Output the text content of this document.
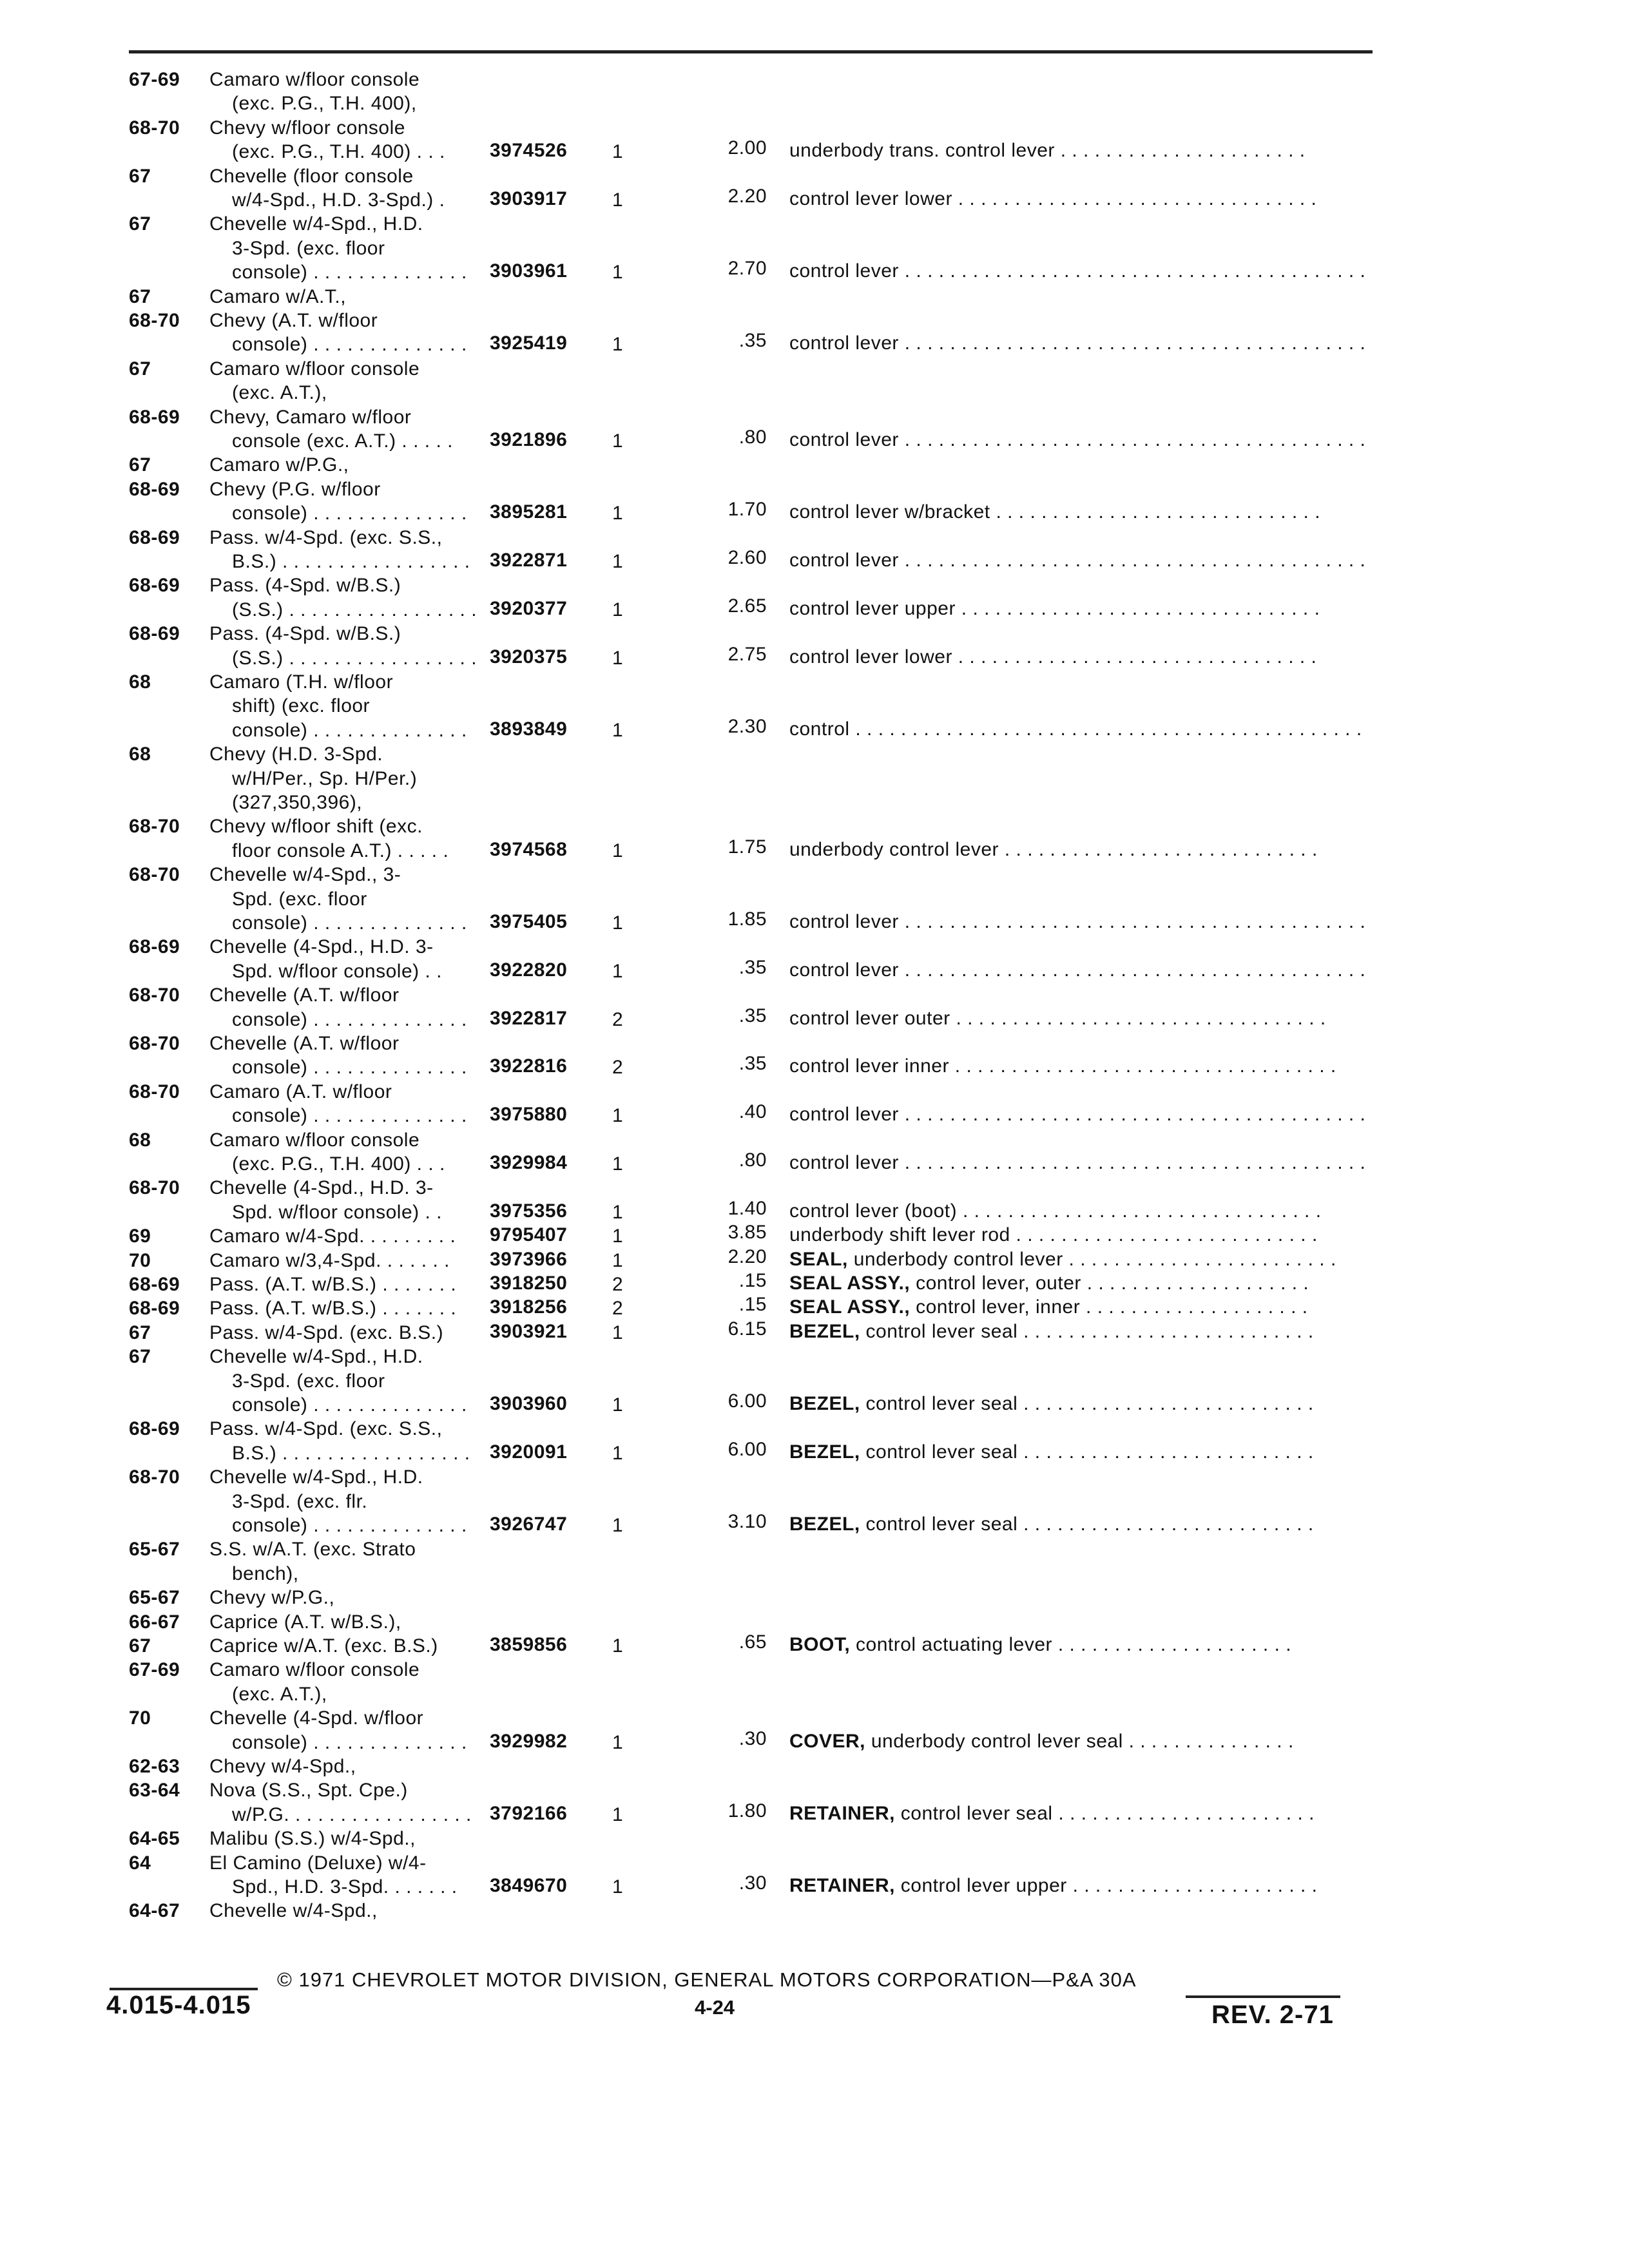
67-69 Camaro w/floor console
(exc. P.G., T.H. 400),
68-70 Chevy w/floor console
(exc. P.G., T.H. 400) . . . 3974526 1	2.00 underbody trans. control lever . . . . . . . . . . . . . . . . . . . . . .
67	Chevelle (floor console
w/4-Spd., H.D. 3-Spd.) . 3903917 1	2.20 control lever lower . . . . . . . . . . . . . . . . . . . . . . . . . . . . . . . .
67	Chevelle w/4-Spd., H.D.
3-Spd. (exc. floor
console) . . . . . . . . . . . . . . 3903961 1	2.70 control lever . . . . . . . . . . . . . . . . . . . . . . . . . . . . . . . . . . . . . . . . .
67	Camaro w/A.T.,
68-70 Chevy (A.T. w/floor
console) . . . . . . . . . . . . . . 3925419 1	.35 control lever . . . . . . . . . . . . . . . . . . . . . . . . . . . . . . . . . . . . . . . . .
67	Camaro w/floor console
(exc. A.T.),
68-69 Chevy, Camaro w/floor
console (exc. A.T.) . . . . . 3921896 1	.80 control lever . . . . . . . . . . . . . . . . . . . . . . . . . . . . . . . . . . . . . . . . .
67	Camaro w/P.G.,
68-69 Chevy (P.G. w/floor
console) . . . . . . . . . . . . . . 3895281 1	1.70 control lever w/bracket . . . . . . . . . . . . . . . . . . . . . . . . . . . . .
68-69 Pass. w/4-Spd. (exc. S.S.,
B.S.) . . . . . . . . . . . . . . . . . 3922871 1	2.60 control lever . . . . . . . . . . . . . . . . . . . . . . . . . . . . . . . . . . . . . . . . .
68-69 Pass. (4-Spd. w/B.S.)
(S.S.) . . . . . . . . . . . . . . . . . 3920377 1	2.65 control lever upper . . . . . . . . . . . . . . . . . . . . . . . . . . . . . . . .
68-69 Pass. (4-Spd. w/B.S.)
(S.S.) . . . . . . . . . . . . . . . . . 3920375 1	2.75 control lever lower . . . . . . . . . . . . . . . . . . . . . . . . . . . . . . . .
68	Camaro (T.H. w/floor
shift) (exc. floor
console) . . . . . . . . . . . . . . 3893849 1	2.30 control . . . . . . . . . . . . . . . . . . . . . . . . . . . . . . . . . . . . . . . . . . . . .
68	Chevy (H.D. 3-Spd.
w/H/Per., Sp. H/Per.)
(327,350,396),
68-70 Chevy w/floor shift (exc.
floor console A.T.) . . . . . 3974568 1	1.75 underbody control lever . . . . . . . . . . . . . . . . . . . . . . . . . . . .
68-70 Chevelle w/4-Spd., 3-
Spd. (exc. floor
console) . . . . . . . . . . . . . . 3975405 1	1.85 control lever . . . . . . . . . . . . . . . . . . . . . . . . . . . . . . . . . . . . . . . . .
68-69 Chevelle (4-Spd., H.D. 3-
Spd. w/floor console) . . 3922820 1	.35 control lever . . . . . . . . . . . . . . . . . . . . . . . . . . . . . . . . . . . . . . . . .
68-70 Chevelle (A.T. w/floor
console) . . . . . . . . . . . . . . 3922817 2	.35 control lever outer . . . . . . . . . . . . . . . . . . . . . . . . . . . . . . . . .
68-70 Chevelle (A.T. w/floor
console) . . . . . . . . . . . . . . 3922816 2	.35 control lever inner . . . . . . . . . . . . . . . . . . . . . . . . . . . . . . . . . .
68-70 Camaro (A.T. w/floor
console) . . . . . . . . . . . . . . 3975880 1	.40 control lever . . . . . . . . . . . . . . . . . . . . . . . . . . . . . . . . . . . . . . . . .
68	Camaro w/floor console
(exc. P.G., T.H. 400) . . . 3929984 1	.80 control lever . . . . . . . . . . . . . . . . . . . . . . . . . . . . . . . . . . . . . . . . .
68-70 Chevelle (4-Spd., H.D. 3-
Spd. w/floor console) . . 3975356 1	1.40 control lever (boot) . . . . . . . . . . . . . . . . . . . . . . . . . . . . . . . .
69	Camaro w/4-Spd. . . . . . . . . 9795407 1	3.85 underbody shift lever rod . . . . . . . . . . . . . . . . . . . . . . . . . . .
70	Camaro w/3,4-Spd. . . . . . . 3973966 1	2.20 SEAL, underbody control lever . . . . . . . . . . . . . . . . . . . . . . . .
68-69 Pass. (A.T. w/B.S.) . . . . . . . 3918250 2	.15 SEAL ASSY., control lever, outer . . . . . . . . . . . . . . . . . . . .
68-69 Pass. (A.T. w/B.S.) . . . . . . . 3918256 2	.15 SEAL ASSY., control lever, inner . . . . . . . . . . . . . . . . . . . .
67	Pass. w/4-Spd. (exc. B.S.) 3903921 1	6.15 BEZEL, control lever seal . . . . . . . . . . . . . . . . . . . . . . . . . .
67	Chevelle w/4-Spd., H.D.
3-Spd. (exc. floor
console) . . . . . . . . . . . . . . 3903960 1	6.00 BEZEL, control lever seal . . . . . . . . . . . . . . . . . . . . . . . . . .
68-69 Pass. w/4-Spd. (exc. S.S.,
B.S.) . . . . . . . . . . . . . . . . . 3920091 1	6.00 BEZEL, control lever seal . . . . . . . . . . . . . . . . . . . . . . . . . .
68-70 Chevelle w/4-Spd., H.D.
3-Spd. (exc. flr.
console) . . . . . . . . . . . . . . 3926747 1	3.10 BEZEL, control lever seal . . . . . . . . . . . . . . . . . . . . . . . . . .
65-67 S.S. w/A.T. (exc. Strato
bench),
65-67 Chevy w/P.G.,
66-67 Caprice (A.T. w/B.S.),
67	Caprice w/A.T. (exc. B.S.)	3859856 1	.65 BOOT, control actuating lever . . . . . . . . . . . . . . . . . . . . .
67-69 Camaro w/floor console
(exc. A.T.),
70	Chevelle (4-Spd. w/floor
console) . . . . . . . . . . . . . . 3929982 1	.30 COVER, underbody control lever seal . . . . . . . . . . . . . . .
62-63 Chevy w/4-Spd.,
63-64 Nova (S.S., Spt. Cpe.)
w/P.G. . . . . . . . . . . . . . . . . 3792166 1	1.80 RETAINER, control lever seal . . . . . . . . . . . . . . . . . . . . . . .
64-65 Malibu (S.S.) w/4-Spd.,
64	El Camino (Deluxe) w/4-
Spd., H.D. 3-Spd. . . . . . . 3849670 1	.30 RETAINER, control lever upper . . . . . . . . . . . . . . . . . . . . . .
64-67 Chevelle w/4-Spd.,
© 1971 CHEVROLET MOTOR DIVISION, GENERAL MOTORS CORPORATION—P&A 30A
4.015-4.015	4-24	REV. 2-71
